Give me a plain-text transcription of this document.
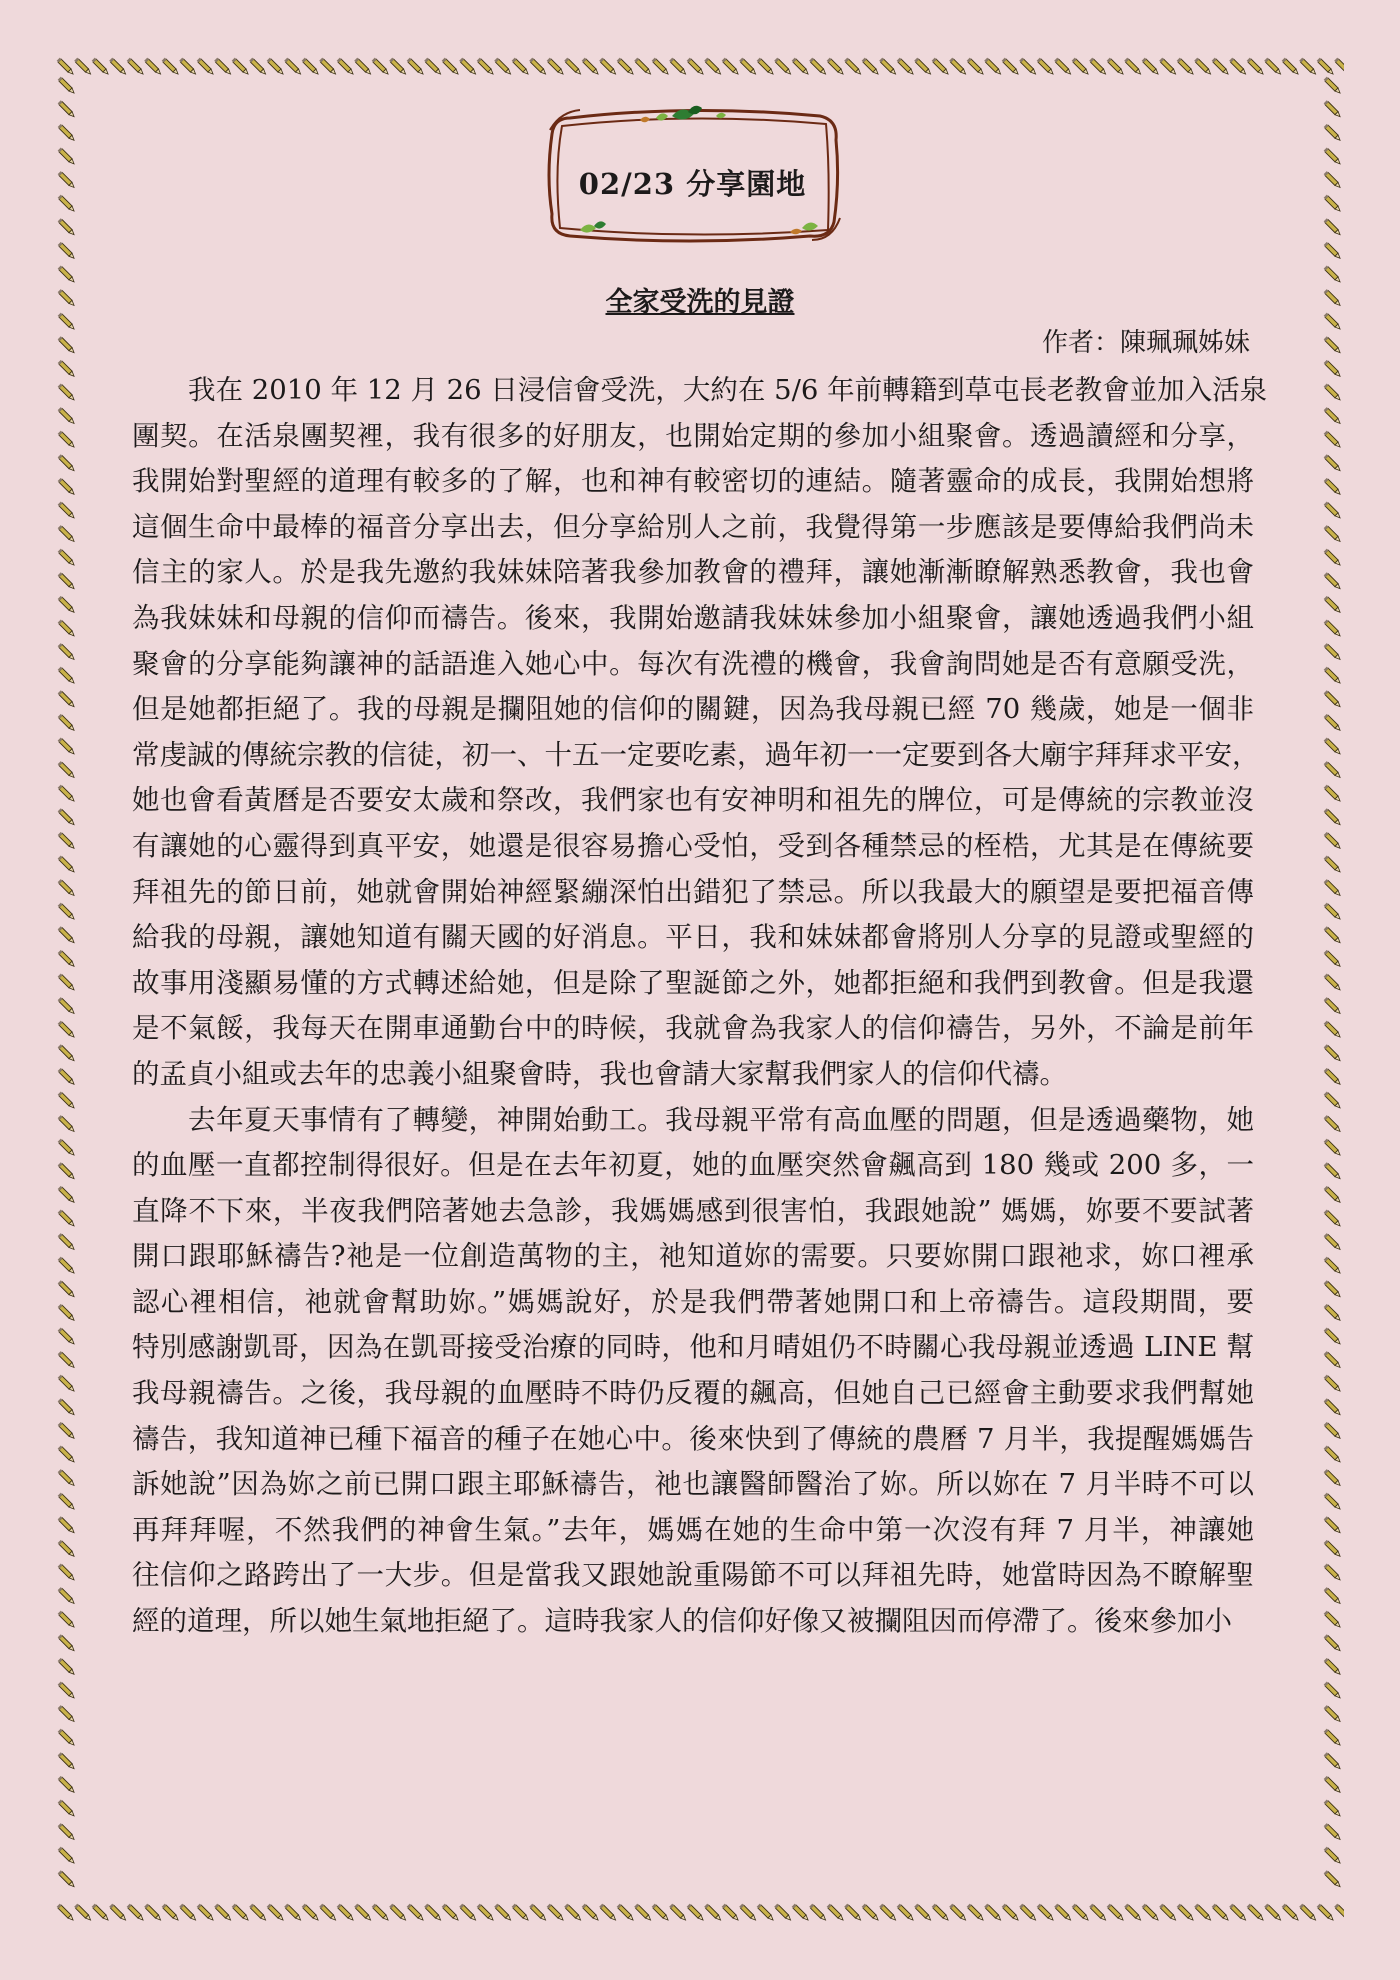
02/23 分享園地
全家受洗的見證
作者：陳珮珮姊妹
我在 2010 年 12 月 26 日浸信會受洗，大約在 5/6 年前轉籍到草屯長老教會並加入活泉
團契。在活泉團契裡，我有很多的好朋友，也開始定期的參加小組聚會。透過讀經和分享，
我開始對聖經的道理有較多的了解，也和神有較密切的連結。隨著靈命的成長，我開始想將
這個生命中最棒的福音分享出去，但分享給別人之前，我覺得第一步應該是要傳給我們尚未
信主的家人。於是我先邀約我妹妹陪著我參加教會的禮拜，讓她漸漸瞭解熟悉教會，我也會
為我妹妹和母親的信仰而禱告。後來，我開始邀請我妹妹參加小組聚會，讓她透過我們小組
聚會的分享能夠讓神的話語進入她心中。每次有洗禮的機會，我會詢問她是否有意願受洗，
但是她都拒絕了。我的母親是攔阻她的信仰的關鍵，因為我母親已經 70 幾歲，她是一個非
常虔誠的傳統宗教的信徒，初一、十五一定要吃素，過年初一一定要到各大廟宇拜拜求平安，
她也會看黃曆是否要安太歲和祭改，我們家也有安神明和祖先的牌位，可是傳統的宗教並沒
有讓她的心靈得到真平安，她還是很容易擔心受怕，受到各種禁忌的桎梏，尤其是在傳統要
拜祖先的節日前，她就會開始神經緊繃深怕出錯犯了禁忌。所以我最大的願望是要把福音傳
給我的母親，讓她知道有關天國的好消息。平日，我和妹妹都會將別人分享的見證或聖經的
故事用淺顯易懂的方式轉述給她，但是除了聖誕節之外，她都拒絕和我們到教會。但是我還
是不氣餒，我每天在開車通勤台中的時候，我就會為我家人的信仰禱告，另外，不論是前年
的孟貞小組或去年的忠義小組聚會時，我也會請大家幫我們家人的信仰代禱。
去年夏天事情有了轉變，神開始動工。我母親平常有高血壓的問題，但是透過藥物，她
的血壓一直都控制得很好。但是在去年初夏，她的血壓突然會飆高到 180 幾或 200 多，一
直降不下來，半夜我們陪著她去急診，我媽媽感到很害怕，我跟她說” 媽媽，妳要不要試著
開口跟耶穌禱告?祂是一位創造萬物的主，祂知道妳的需要。只要妳開口跟祂求，妳口裡承
認心裡相信，祂就會幫助妳。”媽媽說好，於是我們帶著她開口和上帝禱告。這段期間，要
特別感謝凱哥，因為在凱哥接受治療的同時，他和月晴姐仍不時關心我母親並透過 LINE 幫
我母親禱告。之後，我母親的血壓時不時仍反覆的飆高，但她自己已經會主動要求我們幫她
禱告，我知道神已種下福音的種子在她心中。後來快到了傳統的農曆 7 月半，我提醒媽媽告
訴她說”因為妳之前已開口跟主耶穌禱告，祂也讓醫師醫治了妳。所以妳在 7 月半時不可以
再拜拜喔，不然我們的神會生氣。”去年，媽媽在她的生命中第一次沒有拜 7 月半，神讓她
往信仰之路跨出了一大步。但是當我又跟她說重陽節不可以拜祖先時，她當時因為不瞭解聖
經的道理，所以她生氣地拒絕了。這時我家人的信仰好像又被攔阻因而停滯了。後來參加小
